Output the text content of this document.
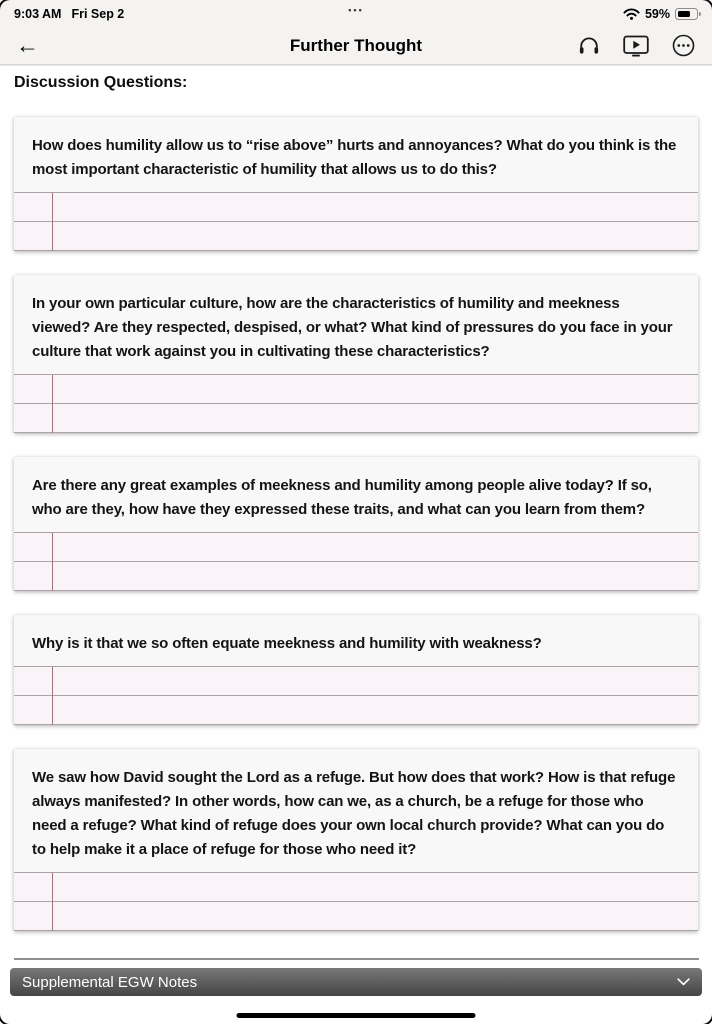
9:03 AM Fri Sep 2	•••	59%
←	Further Thought
Discussion Questions:
How does humility allow us to “rise above” hurts and annoyances? What do you think is the most important characteristic of humility that allows us to do this?
In your own particular culture, how are the characteristics of humility and meekness viewed? Are they respected, despised, or what? What kind of pressures do you face in your culture that work against you in cultivating these characteristics?
Are there any great examples of meekness and humility among people alive today? If so, who are they, how have they expressed these traits, and what can you learn from them?
Why is it that we so often equate meekness and humility with weakness?
We saw how David sought the Lord as a refuge. But how does that work? How is that refuge always manifested? In other words, how can we, as a church, be a refuge for those who need a refuge? What kind of refuge does your own local church provide? What can you do to help make it a place of refuge for those who need it?
Supplemental EGW Notes
